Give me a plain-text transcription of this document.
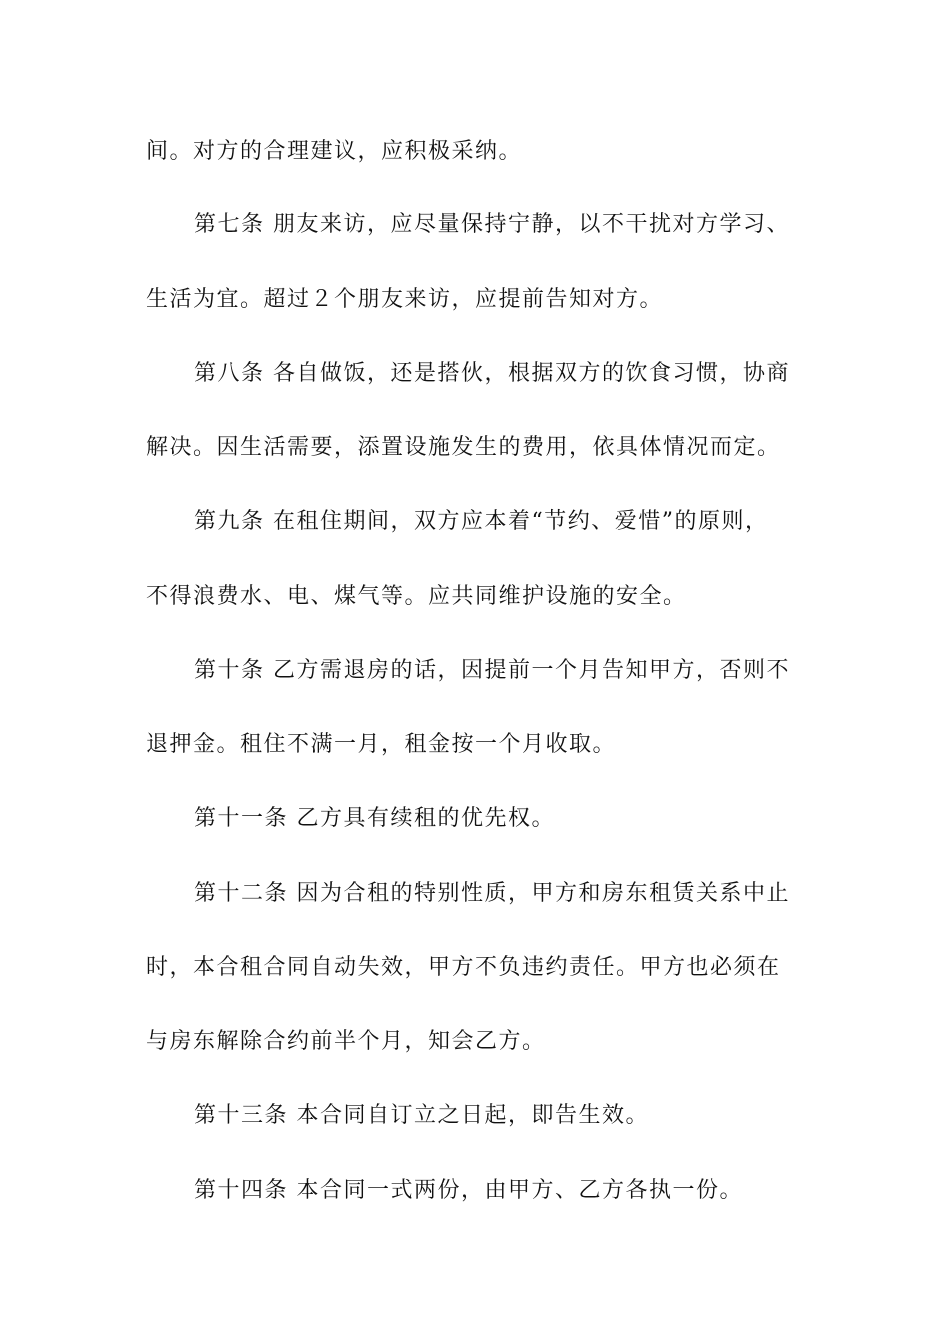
间。对方的合理建议，应积极采纳。
第七条 朋友来访，应尽量保持宁静，以不干扰对方学习、
生活为宜。超过２个朋友来访，应提前告知对方。
第八条 各自做饭，还是搭伙，根据双方的饮食习惯，协商
解决。因生活需要，添置设施发生的费用，依具体情况而定。
第九条 在租住期间，双方应本着“节约、爱惜”的原则，
不得浪费水、电、煤气等。应共同维护设施的安全。
第十条 乙方需退房的话，因提前一个月告知甲方，否则不
退押金。租住不满一月，租金按一个月收取。
第十一条 乙方具有续租的优先权。
第十二条 因为合租的特别性质，甲方和房东租赁关系中止
时，本合租合同自动失效，甲方不负违约责任。甲方也必须在
与房东解除合约前半个月，知会乙方。
第十三条 本合同自订立之日起，即告生效。
第十四条 本合同一式两份，由甲方、乙方各执一份。
